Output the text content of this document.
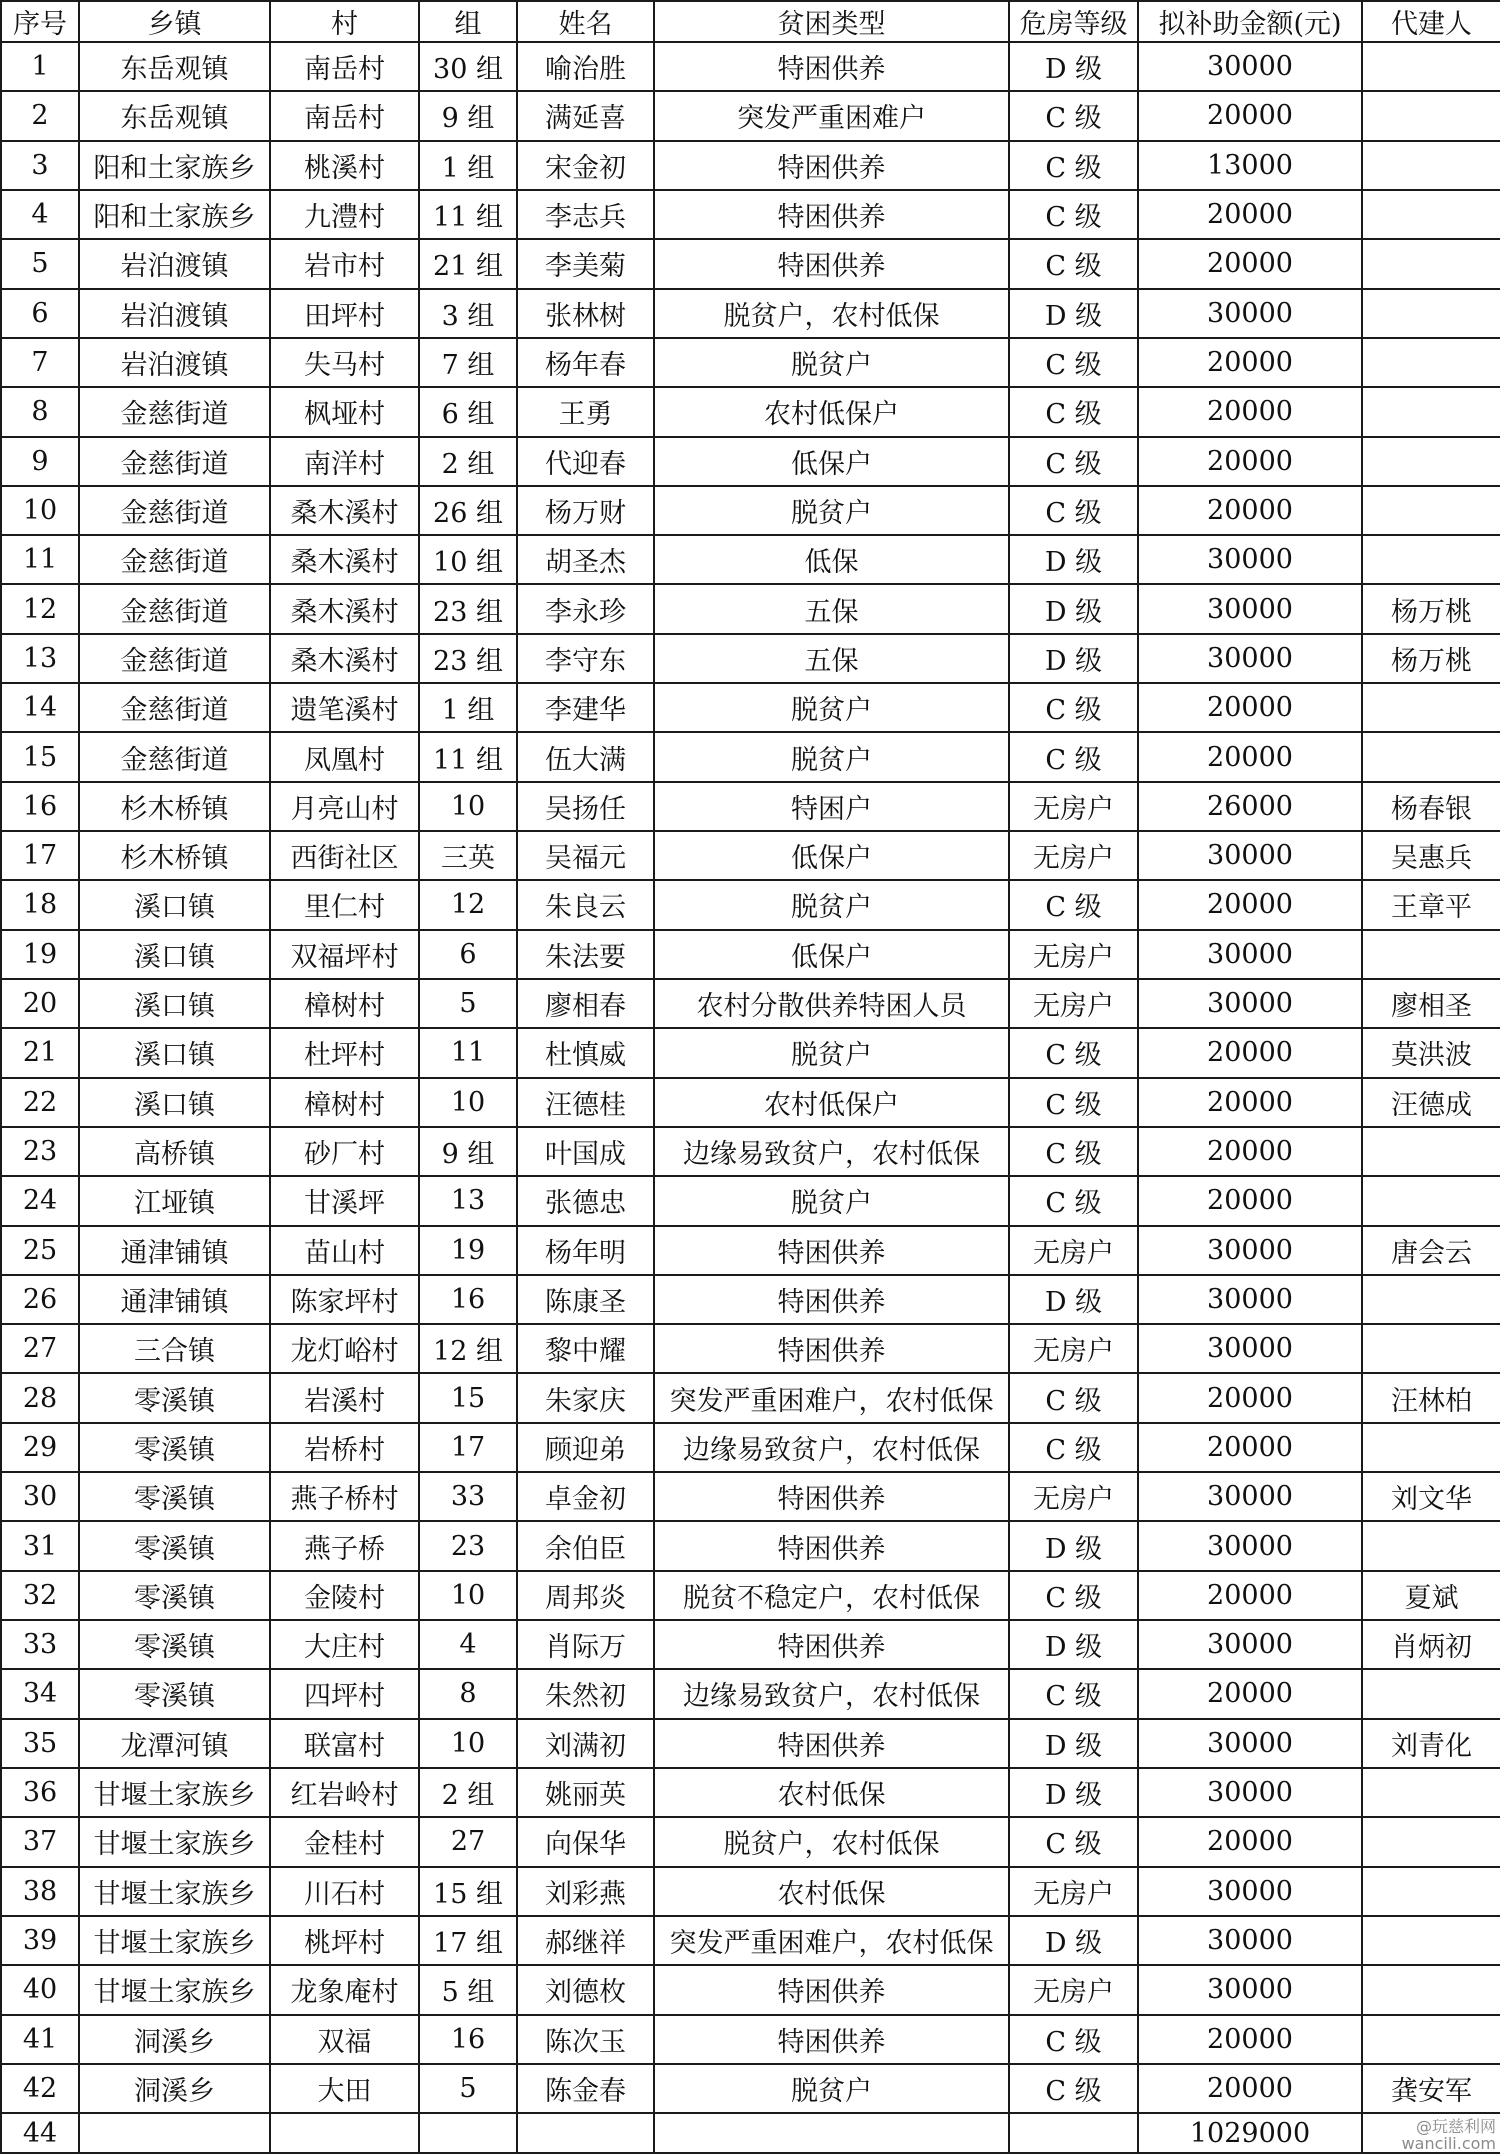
序号	乡镇	村	组	姓名	贫困类型	危房等级	拟补助金额(元)	代建人
1	东岳观镇	南岳村	30 组	喻治胜	特困供养	D 级	30000	
2	东岳观镇	南岳村	9 组	满延喜	突发严重困难户	C 级	20000	
3	阳和土家族乡	桃溪村	1 组	宋金初	特困供养	C 级	13000	
4	阳和土家族乡	九澧村	11 组	李志兵	特困供养	C 级	20000	
5	岩泊渡镇	岩市村	21 组	李美菊	特困供养	C 级	20000	
6	岩泊渡镇	田坪村	3 组	张林树	脱贫户，农村低保	D 级	30000	
7	岩泊渡镇	失马村	7 组	杨年春	脱贫户	C 级	20000	
8	金慈街道	枫垭村	6 组	王勇	农村低保户	C 级	20000	
9	金慈街道	南洋村	2 组	代迎春	低保户	C 级	20000	
10	金慈街道	桑木溪村	26 组	杨万财	脱贫户	C 级	20000	
11	金慈街道	桑木溪村	10 组	胡圣杰	低保	D 级	30000	
12	金慈街道	桑木溪村	23 组	李永珍	五保	D 级	30000	杨万桃
13	金慈街道	桑木溪村	23 组	李守东	五保	D 级	30000	杨万桃
14	金慈街道	遗笔溪村	1 组	李建华	脱贫户	C 级	20000	
15	金慈街道	凤凰村	11 组	伍大满	脱贫户	C 级	20000	
16	杉木桥镇	月亮山村	10	吴扬任	特困户	无房户	26000	杨春银
17	杉木桥镇	西街社区	三英	吴福元	低保户	无房户	30000	吴惠兵
18	溪口镇	里仁村	12	朱良云	脱贫户	C 级	20000	王章平
19	溪口镇	双福坪村	6	朱法要	低保户	无房户	30000	
20	溪口镇	樟树村	5	廖相春	农村分散供养特困人员	无房户	30000	廖相圣
21	溪口镇	杜坪村	11	杜慎威	脱贫户	C 级	20000	莫洪波
22	溪口镇	樟树村	10	汪德桂	农村低保户	C 级	20000	汪德成
23	高桥镇	砂厂村	9 组	叶国成	边缘易致贫户，农村低保	C 级	20000	
24	江垭镇	甘溪坪	13	张德忠	脱贫户	C 级	20000	
25	通津铺镇	苗山村	19	杨年明	特困供养	无房户	30000	唐会云
26	通津铺镇	陈家坪村	16	陈康圣	特困供养	D 级	30000	
27	三合镇	龙灯峪村	12 组	黎中耀	特困供养	无房户	30000	
28	零溪镇	岩溪村	15	朱家庆	突发严重困难户，农村低保	C 级	20000	汪林柏
29	零溪镇	岩桥村	17	顾迎弟	边缘易致贫户，农村低保	C 级	20000	
30	零溪镇	燕子桥村	33	卓金初	特困供养	无房户	30000	刘文华
31	零溪镇	燕子桥	23	余伯臣	特困供养	D 级	30000	
32	零溪镇	金陵村	10	周邦炎	脱贫不稳定户，农村低保	C 级	20000	夏斌
33	零溪镇	大庄村	4	肖际万	特困供养	D 级	30000	肖炳初
34	零溪镇	四坪村	8	朱然初	边缘易致贫户，农村低保	C 级	20000	
35	龙潭河镇	联富村	10	刘满初	特困供养	D 级	30000	刘青化
36	甘堰土家族乡	红岩岭村	2 组	姚丽英	农村低保	D 级	30000	
37	甘堰土家族乡	金桂村	27	向保华	脱贫户，农村低保	C 级	20000	
38	甘堰土家族乡	川石村	15 组	刘彩燕	农村低保	无房户	30000	
39	甘堰土家族乡	桃坪村	17 组	郝继祥	突发严重困难户，农村低保	D 级	30000	
40	甘堰土家族乡	龙象庵村	5 组	刘德枚	特困供养	无房户	30000	
41	洞溪乡	双福	16	陈次玉	特困供养	C 级	20000	
42	洞溪乡	大田	5	陈金春	脱贫户	C 级	20000	龚安军
44							1029000		@玩慈利网
wancili.com
